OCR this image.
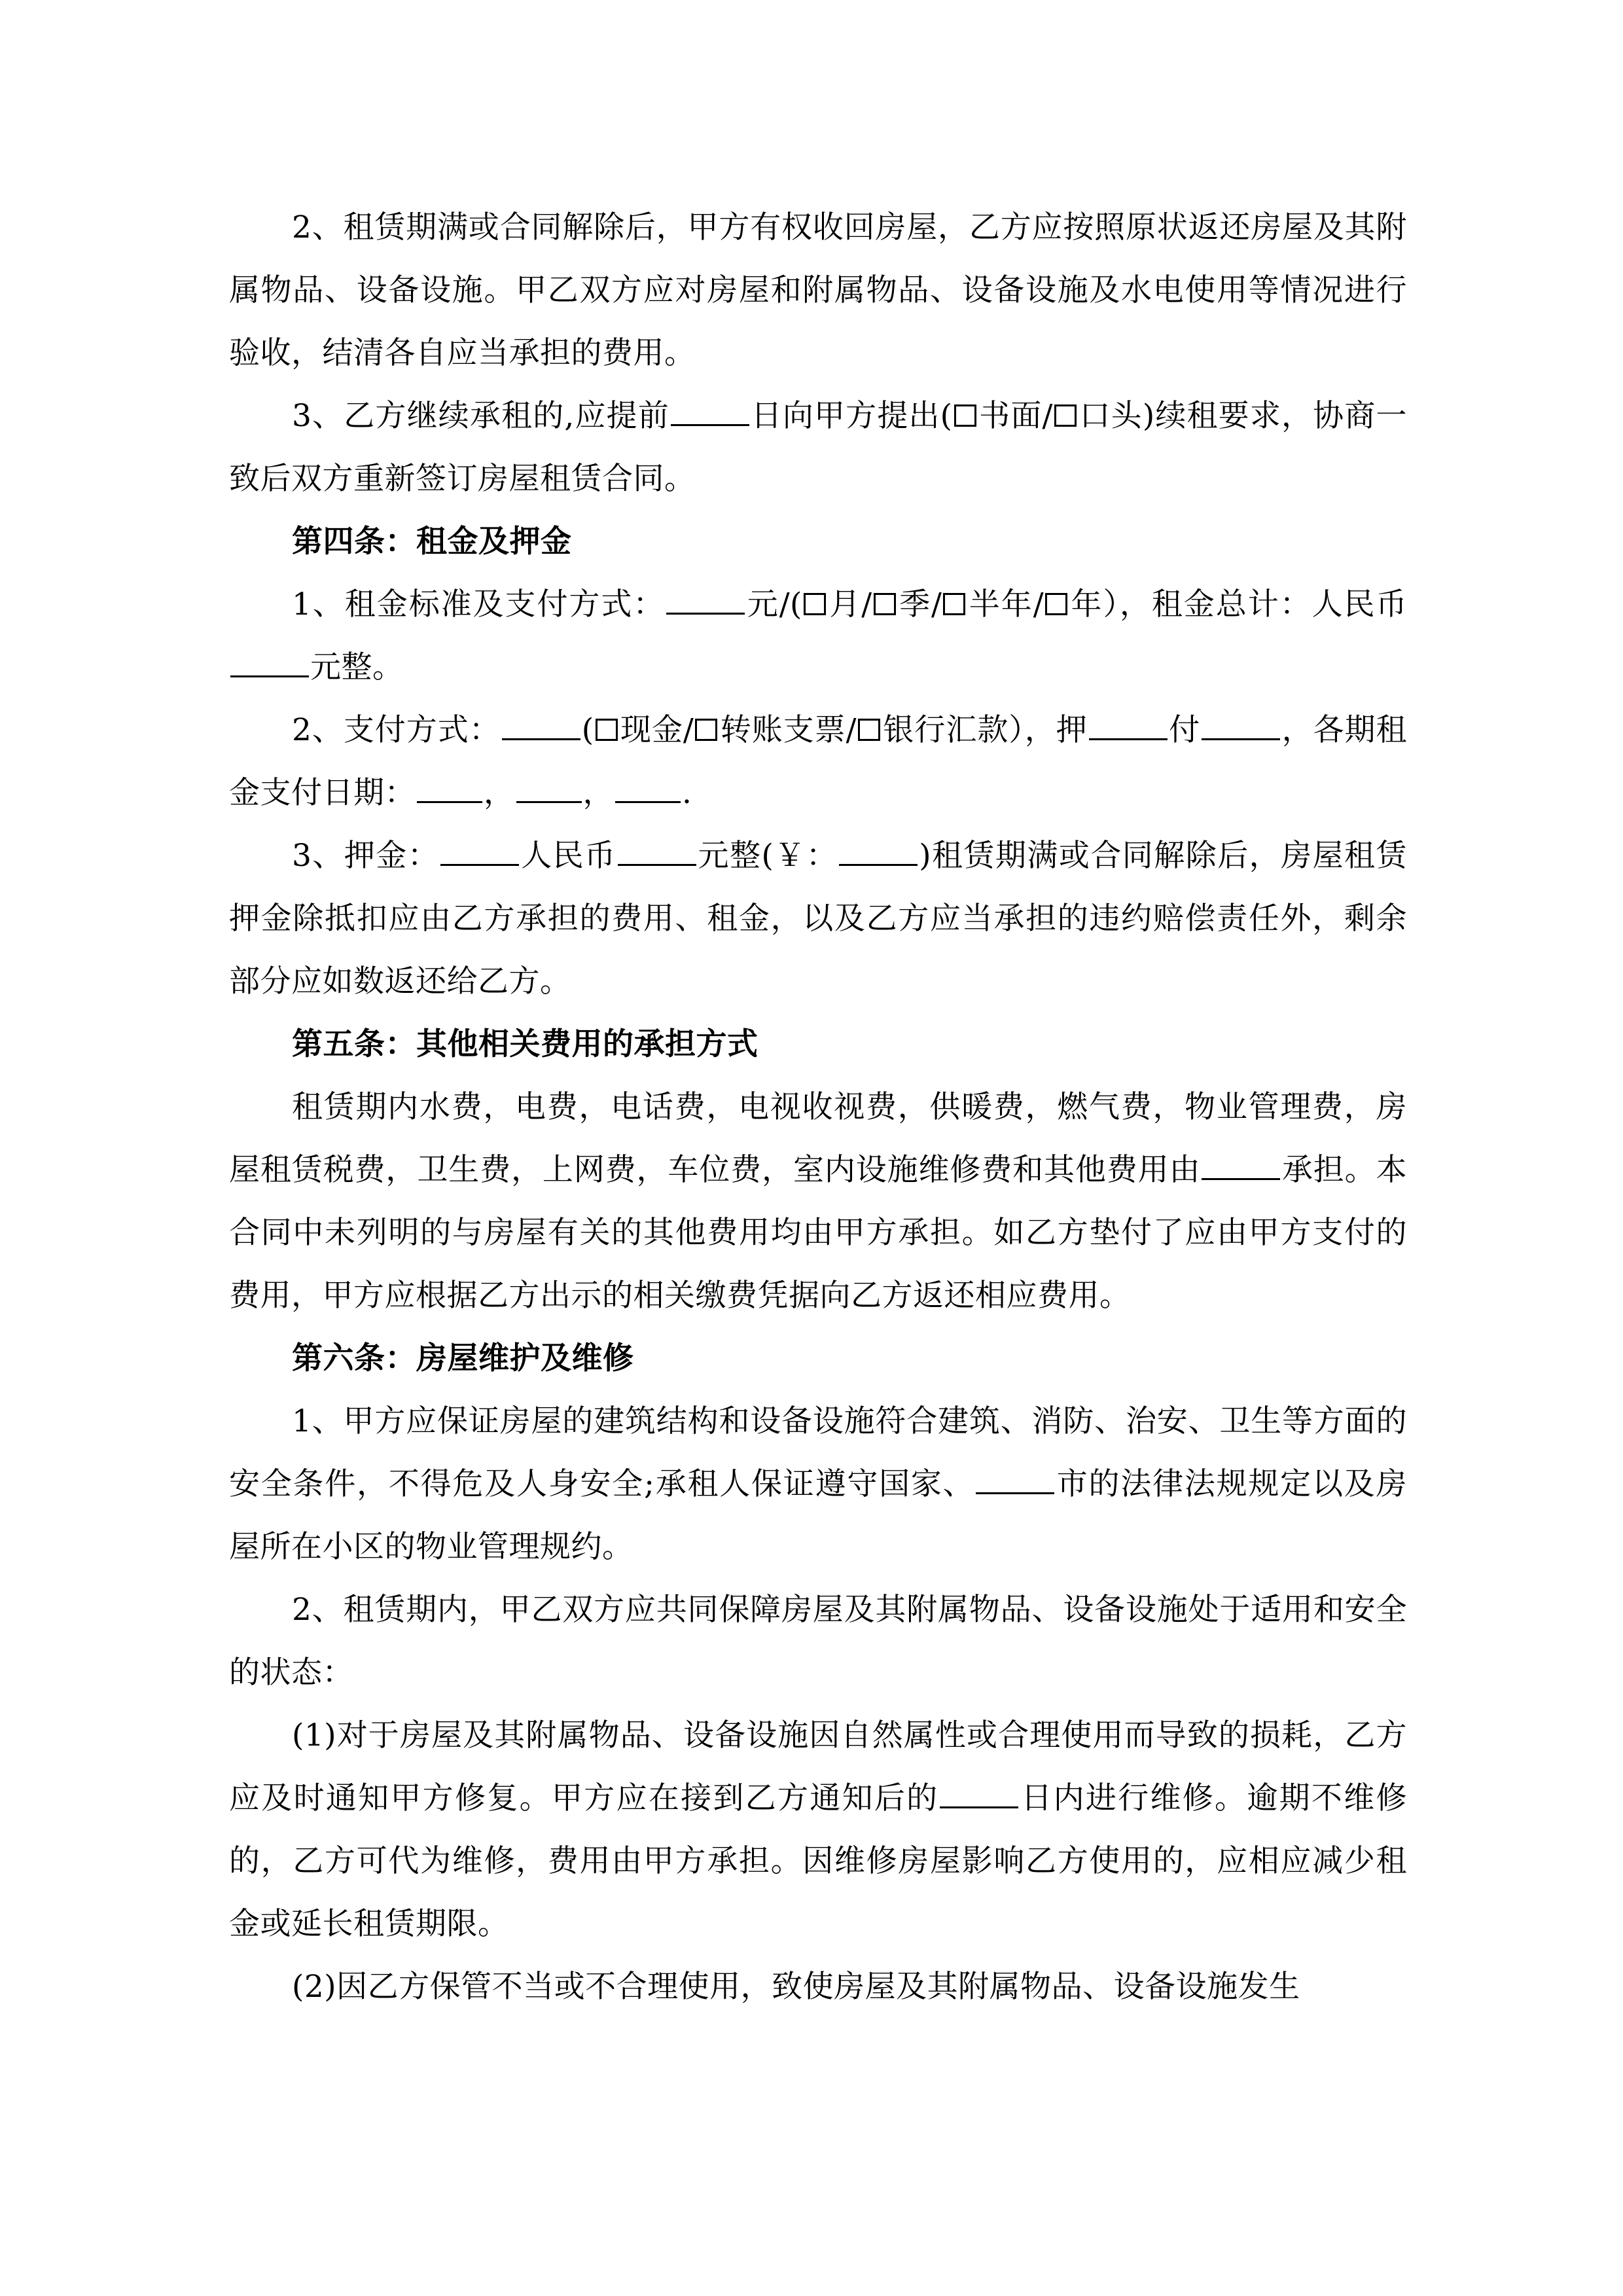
2、租赁期满或合同解除后，甲方有权收回房屋，乙方应按照原状返还房屋及其附属物品、设备设施。甲乙双方应对房屋和附属物品、设备设施及水电使用等情况进行验收，结清各自应当承担的费用。

3、乙方继续承租的,应提前	日向甲方提出( 书面/ 口头)续租要求，协商一致后双方重新签订房屋租赁合同。

第四条：租金及押金

1、租金标准及支付方式：	元/( 月/ 季/ 半年/ 年），租金总计：人民币元整。

2、支付方式：	( 现金/ 转账支票/ 银行汇款），押	付	，各期租金支付日期： ， ， .

3、押金：	人民币	元整(￥：	)租赁期满或合同解除后，房屋租赁押金除抵扣应由乙方承担的费用、租金，以及乙方应当承担的违约赔偿责任外，剩余部分应如数返还给乙方。

第五条：其他相关费用的承担方式

租赁期内水费，电费，电话费，电视收视费，供暖费，燃气费，物业管理费，房屋租赁税费，卫生费，上网费，车位费，室内设施维修费和其他费用由	承担。本合同中未列明的与房屋有关的其他费用均由甲方承担。如乙方垫付了应由甲方支付的费用，甲方应根据乙方出示的相关缴费凭据向乙方返还相应费用。

第六条：房屋维护及维修

1、甲方应保证房屋的建筑结构和设备设施符合建筑、消防、治安、卫生等方面的安全条件，不得危及人身安全;承租人保证遵守国家、	市的法律法规规定以及房屋所在小区的物业管理规约。

2、租赁期内，甲乙双方应共同保障房屋及其附属物品、设备设施处于适用和安全的状态：

(1)对于房屋及其附属物品、设备设施因自然属性或合理使用而导致的损耗，乙方应及时通知甲方修复。甲方应在接到乙方通知后的	日内进行维修。逾期不维修的，乙方可代为维修，费用由甲方承担。因维修房屋影响乙方使用的，应相应减少租金或延长租赁期限。

(2)因乙方保管不当或不合理使用，致使房屋及其附属物品、设备设施发生
